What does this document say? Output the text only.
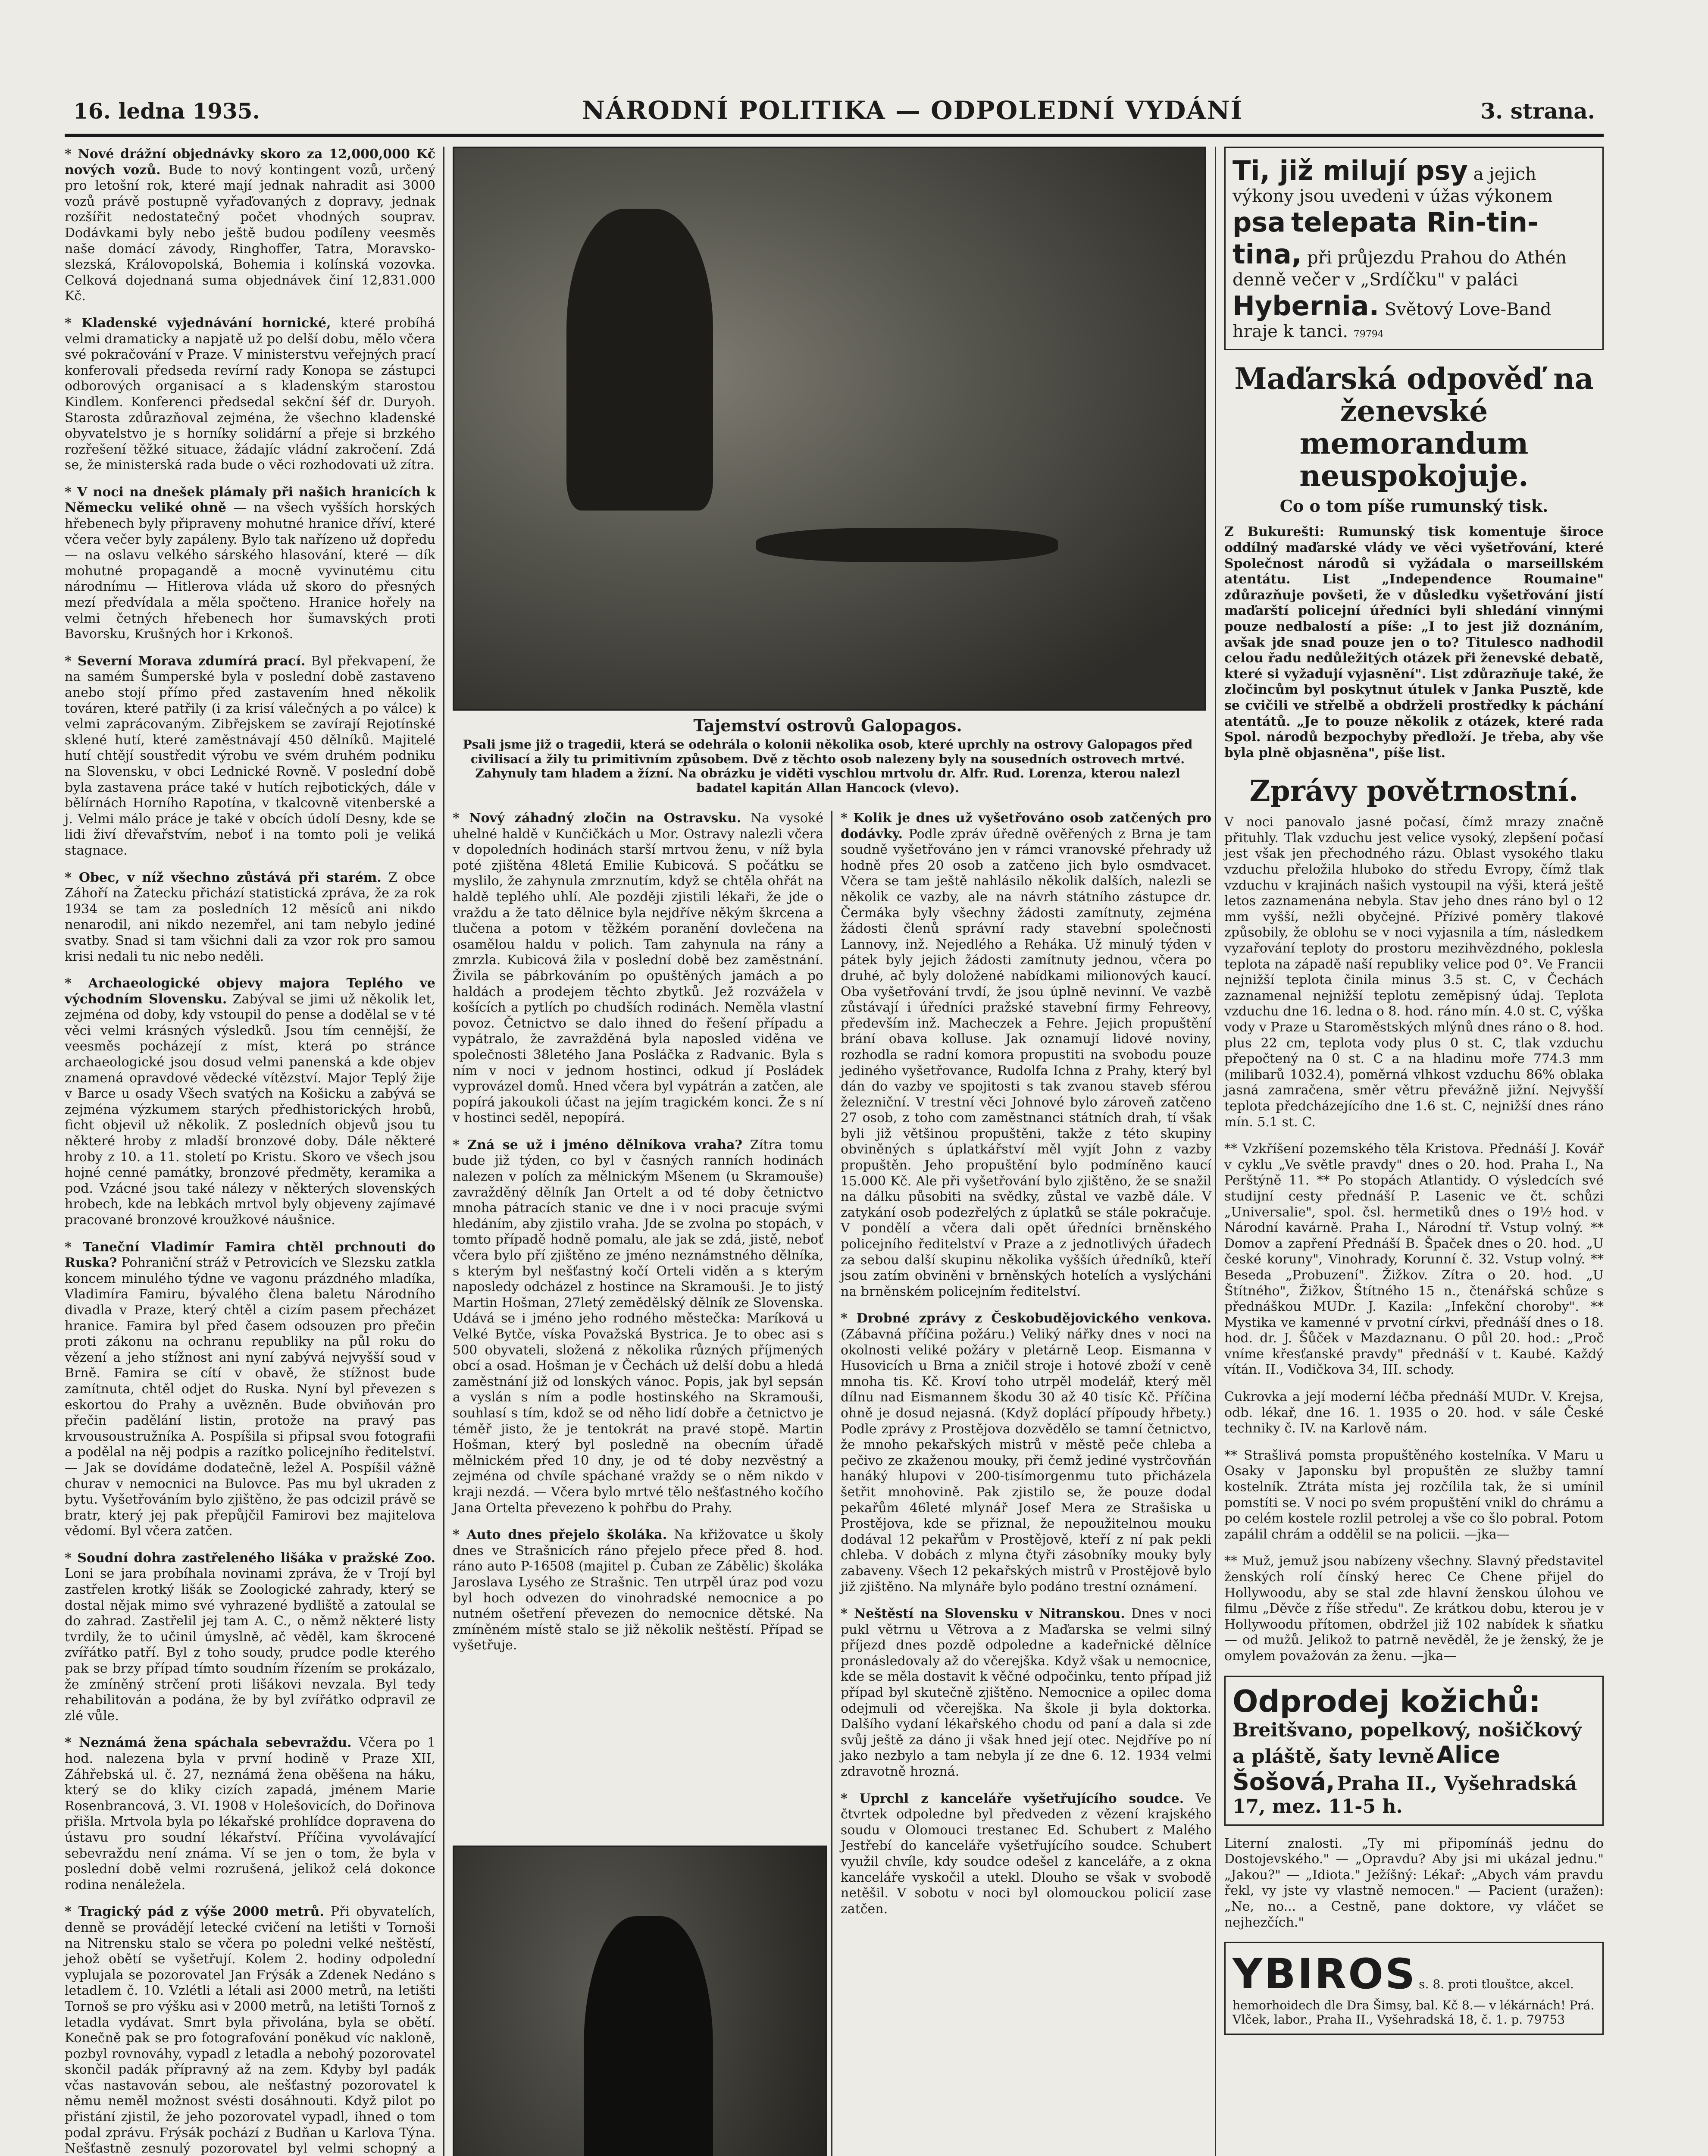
16. ledna 1935.	NÁRODNÍ POLITIKA — ODPOLEDNÍ VYDÁNÍ	3. strana.
* Nové drážní objednávky skoro za 12,000,000 Kč nových vozů. Bude to nový kontingent vozů, určený pro letošní rok, které mají jednak nahradit asi 3000 vozů právě postupně vyřaďovaných z dopravy, jednak rozšířit nedostatečný počet vhodných souprav. Dodávkami byly nebo ještě budou podíleny veesměs naše domácí závody, Ringhoffer, Tatra, Moravsko-slezská, Královopolská, Bohemia i kolínská vozovka. Celková dojednaná suma objednávek činí 12,831.000 Kč.
* Kladenské vyjednávání hornické, které probíhá velmi dramaticky a napjatě už po delší dobu, mělo včera své pokračování v Praze. V ministerstvu veřejných prací konferovali předseda revírní rady Konopa se zástupci odborových organisací a s kladenským starostou Kindlem. Konferenci předsedal sekční šéf dr. Duryoh. Starosta zdůrazňoval zejména, že všechno kladenské obyvatelstvo je s horníky solidární a přeje si brzkého rozřešení těžké situace, žádajíc vládní zakročení. Zdá se, že ministerská rada bude o věci rozhodovati už zítra.
* V noci na dnešek plámaly při našich hranicích k Německu veliké ohně — na všech vyšších horských hřebenech byly připraveny mohutné hranice dříví, které včera večer byly zapáleny. Bylo tak nařízeno už dopředu — na oslavu velkého sárského hlasování, které — dík mohutné propagandě a mocně vyvinutému citu národnímu — Hitlerova vláda už skoro do přesných mezí předvídala a měla spočteno. Hranice hořely na velmi četných hřebenech hor šumavských proti Bavorsku, Krušných hor i Krkonoš.
* Severní Morava zdumírá prací. Byl překvapení, že na samém Šumperské byla v poslední době zastaveno anebo stojí přímo před zastavením hned několik továren, které patřily (i za krisí válečných a po válce) k velmi zaprácovaným. Zibřejskem se zavírají Rejotínské sklené hutí, které zaměstnávají 450 dělníků. Majitelé hutí chtějí soustředit výrobu ve svém druhém podniku na Slovensku, v obci Lednické Rovně. V poslední době byla zastavena práce také v hutích rejbotických, dále v bělírnách Horního Rapotína, v tkalcovně vitenberské a j. Velmi málo práce je také v obcích údolí Desny, kde se lidi živí dřevařstvím, neboť i na tomto poli je veliká stagnace.
* Obec, v níž všechno zůstává při starém. Z obce Záhoří na Žatecku přichází statistická zpráva, že za rok 1934 se tam za posledních 12 měsíců ani nikdo nenarodil, ani nikdo nezemřel, ani tam nebylo jediné svatby. Snad si tam všichni dali za vzor rok pro samou krisi nedali tu nic nebo neděli.
* Archaeologické objevy majora Teplého ve východním Slovensku. Zabýval se jimi už několik let, zejména od doby, kdy vstoupil do pense a dodělal se v té věci velmi krásných výsledků. Jsou tím cennější, že veesměs pocházejí z míst, která po stránce archaeologické jsou dosud velmi panenská a kde objev znamená opravdové vědecké vítězství. Major Teplý žije v Barce u osady Všech svatých na Košicku a zabývá se zejména výzkumem starých předhistorických hrobů, ficht objevil už několik. Z posledních objevů jsou tu některé hroby z mladší bronzové doby. Dále některé hroby z 10. a 11. století po Kristu. Skoro ve všech jsou hojné cenné památky, bronzové předměty, keramika a pod. Vzácné jsou také nálezy v některých slovenských hrobech, kde na lebkách mrtvol byly objeveny zajímavé pracované bronzové kroužkové náušnice.
* Taneční Vladimír Famira chtěl prchnouti do Ruska? Pohraniční stráž v Petrovicích ve Slezsku zatkla koncem minulého týdne ve vagonu prázdného mladíka, Vladimíra Famiru, bývalého člena baletu Národního divadla v Praze, který chtěl a cizím pasem přecházet hranice. Famira byl před časem odsouzen pro přečin proti zákonu na ochranu republiky na půl roku do vězení a jeho stížnost ani nyní zabývá nejvyšší soud v Brně. Famira se cítí v obavě, že stížnost bude zamítnuta, chtěl odjet do Ruska. Nyní byl převezen s eskortou do Prahy a uvězněn. Bude obviňován pro přečin padělání listin, protože na pravý pas krvousoustružníka A. Pospíšila si připsal svou fotografii a podělal na něj podpis a razítko policejního ředitelství. — Jak se dovídáme dodatečně, ležel A. Pospíšil vážně churav v nemocnici na Bulovce. Pas mu byl ukraden z bytu. Vyšetřováním bylo zjištěno, že pas odcizil právě se bratr, který jej pak přepůjčil Famirovi bez majitelova vědomí. Byl včera zatčen.
* Soudní dohra zastřeleného lišáka v pražské Zoo. Loni se jara probíhala novinami zpráva, že v Trojí byl zastřelen krotký lišák se Zoologické zahrady, který se dostal nějak mimo své vyhrazené bydliště a zatoulal se do zahrad. Zastřelil jej tam A. C., o němž některé listy tvrdily, že to učinil úmyslně, ač věděl, kam škrocené zvířátko patří. Byl z toho soudy, prudce podle kterého pak se brzy případ tímto soudním řízením se prokázalo, že zmíněný strčení proti lišákovi nevzala. Byl tedy rehabilitován a podána, že by byl zvířátko odpravil ze zlé vůle.
* Neznámá žena spáchala sebevraždu. Včera po 1 hod. nalezena byla v první hodině v Praze XII, Záhřebská ul. č. 27, neznámá žena oběšena na háku, který se do kliky cizích zapadá, jménem Marie Rosenbrancová, 3. VI. 1908 v Holešovicích, do Dořinova přišla. Mrtvola byla po lékařské prohlídce dopravena do ústavu pro soudní lékařství. Příčina vyvolávající sebevraždu není známa. Ví se jen o tom, že byla v poslední době velmi rozrušená, jelikož celá dokonce rodina nenáležela.
* Tragický pád z výše 2000 metrů. Při obyvatelích, denně se provádějí letecké cvičení na letišti v Tornoši na Nitrensku stalo se včera po poledni velké neštěstí, jehož obětí se vyšetřují. Kolem 2. hodiny odpolední vyplujala se pozorovatel Jan Frýsák a Zdenek Nedáno s letadlem č. 10. Vzlétli a létali asi 2000 metrů, na letišti Tornoš se pro výšku asi v 2000 metrů, na letišti Tornoš z letadla vydávat. Smrt byla přivolána, byla se obětí. Konečně pak se pro fotografování poněkud víc nakloně, pozbyl rovnováhy, vypadl z letadla a nebohý pozorovatel skončil padák přípravný až na zem. Kdyby byl padák včas nastavován sebou, ale nešťastný pozorovatel k němu neměl možnost svésti dosáhnouti. Když pilot po přistání zjistil, že jeho pozorovatel vypadl, ihned o tom podal zprávu. Frýsák pochází z Budňan u Karlova Týna. Nešťastně zesnulý pozorovatel byl velmi schopný a
Tajemství ostrovů Galopagos.
Psali jsme již o tragedii, která se odehrála o kolonii několika osob, které uprchly na ostrovy Galopagos před civilisací a žily tu primitivním způsobem. Dvě z těchto osob nalezeny byly na sousedních ostrovech mrtvé. Zahynuly tam hladem a žízní. Na obrázku je viděti vyschlou mrtvolu dr. Alfr. Rud. Lorenza, kterou nalezl badatel kapitán Allan Hancock (vlevo).
* Nový záhadný zločin na Ostravsku. Na vysoké uhelné haldě v Kunčičkách u Mor. Ostravy nalezli včera v dopoledních hodinách starší mrtvou ženu, v níž byla poté zjištěna 48letá Emilie Kubicová. S počátku se myslilo, že zahynula zmrznutím, když se chtěla ohřát na haldě teplého uhlí. Ale později zjistili lékaři, že jde o vraždu a že tato dělnice byla nejdříve někým škrcena a tlučena a potom v těžkém poranění dovlečena na osamělou haldu v polich. Tam zahynula na rány a zmrzla. Kubicová žila v poslední době bez zaměstnání. Živila se pábrkováním po opuštěných jamách a po haldách a prodejem těchto zbytků. Jež rozvážela v košících a pytlích po chudších rodinách. Neměla vlastní povoz. Četnictvo se dalo ihned do řešení případu a vypátralo, že zavražděná byla naposled viděna ve společnosti 38letého Jana Posláčka z Radvanic. Byla s ním v noci v jednom hostinci, odkud jí Posládek vyprovázel domů. Hned včera byl vypátrán a zatčen, ale popírá jakoukoli účast na jejím tragickém konci. Že s ní v hostinci seděl, nepopírá.
* Zná se už i jméno dělníkova vraha? Zítra tomu bude již týden, co byl v časných ranních hodinách nalezen v polích za mělnickým Mšenem (u Skramouše) zavražděný dělník Jan Ortelt a od té doby četnictvo mnoha pátracích stanic ve dne i v noci pracuje svými hledáním, aby zjistilo vraha. Jde se zvolna po stopách, v tomto případě hodně pomalu, ale jak se zdá, jistě, neboť včera bylo pří zjištěno ze jméno neznámstného dělníka, s kterým byl nešťastný kočí Orteli viděn a s kterým naposledy odcházel z hostince na Skramouši. Je to jistý Martin Hošman, 27letý zemědělský dělník ze Slovenska. Udává se i jméno jeho rodného městečka: Maríková u Velké Bytče, víska Považská Bystrica. Je to obec asi s 500 obyvateli, složená z několika různých příjmených obcí a osad. Hošman je v Čechách už delší dobu a hledá zaměstnání již od lonských vánoc. Popis, jak byl sepsán a vyslán s ním a podle hostinského na Skramouši, souhlasí s tím, kdož se od něho lidí dobře a četnictvo je téměř jisto, že je tentokrát na pravé stopě. Martin Hošman, který byl posledně na obecním úřadě mělnickém před 10 dny, je od té doby nezvěstný a zejména od chvíle spáchané vraždy se o něm nikdo v kraji nezdá. — Včera bylo mrtvé tělo nešťastného kočího Jana Ortelta převezeno k pohřbu do Prahy.
* Auto dnes přejelo školáka. Na křižovatce u školy dnes ve Strašnicích ráno přejelo přece před 8. hod. ráno auto P-16508 (majitel p. Čuban ze Zábělic) školáka Jaroslava Lysého ze Strašnic. Ten utrpěl úraz pod vozu byl hoch odvezen do vinohradské nemocnice a po nutném ošetření převezen do nemocnice dětské. Na zmíněném místě stalo se již několik neštěstí. Případ se vyšetřuje.
* Kolik je dnes už vyšetřováno osob zatčených pro dodávky. Podle zpráv úředně ověřených z Brna je tam soudně vyšetřováno jen v rámci vranovské přehrady už hodně přes 20 osob a zatčeno jich bylo osmdvacet. Včera se tam ještě nahlásilo několik dalších, nalezli se několik ce vazby, ale na návrh státního zástupce dr. Čermáka byly všechny žádosti zamítnuty, zejména žádosti členů správní rady stavební společnosti Lannovy, inž. Nejedlého a Rehákа. Už minulý týden v pátek byly jejich žádosti zamítnuty jednou, včera po druhé, ač byly doložené nabídkami milionových kaucí. Oba vyšetřování trvdí, že jsou úplně nevinní. Ve vazbě zůstávají i úředníci pražské stavební firmy Fehreovy, především inž. Macheczek a Fehre. Jejich propuštění brání obava kolluse. Jak oznamují lidové noviny, rozhodla se radní komora propustiti na svobodu pouze jediného vyšetřovance, Rudolfa Ichna z Prahy, který byl dán do vazby ve spojitosti s tak zvanou staveb sférou železniční. V trestní věci Johnové bylo zároveň zatčeno 27 osob, z toho com zaměstnanci státních drah, tí však byli již většinou propuštěni, takže z této skupiny obviněných s úplatkářství měl vyjít John z vazby propuštěn. Jeho propuštění bylo podmíněno kaucí 15.000 Kč. Ale při vyšetřování bylo zjištěno, že se snažil na dálku působiti na svědky, zůstal ve vazbě dále. V zatykání osob podezřelých z úplatků se stále pokračuje. V pondělí a včera dali opět úředníci brněnského policejního ředitelství v Praze a z jednotlivých úřadech za sebou další skupinu několika vyšších úředníků, kteří jsou zatím obviněni v brněnských hotelích a vyslýcháni na brněnském policejním ředitelství.
* Drobné zprávy z Českobudějovického venkova. (Zábavná příčina požáru.) Veliký nářky dnes v noci na okolnosti veliké požáry v pletárně Leop. Eismanna v Husovicích u Brna a zničil stroje i hotové zboží v ceně mnoha tis. Kč. Kroví toho utrpěl modelář, který měl dílnu nad Eismannem škodu 30 až 40 tisíc Kč. Příčina ohně je dosud nejasná. (Když doplácí přípoudy hřbety.) Podle zprávy z Prostějova dozvědělo se tamní četnictvo, že mnoho pekařských mistrů v městě peče chleba a pečivo ze zkaženou mouky, při čemž jediné vystrčovňán hanáký hlupovi v 200-tisímorgenmu tuto přicházela šetřit mnohovině. Pak zjistilo se, že pouze dodal pekařům 46leté mlynář Josef Mera ze Strašiska u Prostějova, kde se přiznal, že nepoužitelnou mouku dodával 12 pekařům v Prostějově, kteří z ní pak pekli chleba. V dobách z mlyna čtyři zásobníky mouky byly zabaveny. Všech 12 pekařských mistrů v Prostějově bylo již zjištěno. Na mlynáře bylo podáno trestní oznámení.
* Neštěstí na Slovensku v Nitranskou. Dnes v noci pukl větrnu u Větrova a z Maďarska se velmi silný příjezd dnes pozdě odpoledne a kadeřnické dělníce pronásledovaly až do včerejška. Když však u nemocnice, kde se měla dostavit k věčné odpočinku, tento případ již případ byl skutečně zjištěno. Nemocnice a opilec doma odejmuli od včerejška. Na škole ji byla doktorka. Dalšího vydaní lékařského chodu od paní a dala si zde svůj ještě za dáno ji však hned její otec. Nejdříve po ní jako nezbylo a tam nebyla jí ze dne 6. 12. 1934 velmi zdravotně hrozná.
* Uprchl z kanceláře vyšetřujícího soudce. Ve čtvrtek odpoledne byl předveden z vězení krajského soudu v Olomouci trestanec Ed. Schubert z Malého Jestřebí do kanceláře vyšetřujícího soudce. Schubert využil chvíle, kdy soudce odešel z kanceláře, a z okna kanceláře vyskočil a utekl. Dlouho se však v svobodě netěšil. V sobotu v noci byl olomouckou policií zase zatčen.
Ti, již milují psy a jejich výkony jsou uvedeni v úžas výkonem psa telepata Rin-tin-tina, při průjezdu Prahou do Athén denně večer v „Srdíčku" v paláci Hybernia. Světový Love-Band hraje k tanci. 79794
Maďarská odpověď na ženevské memorandum neuspokojuje.
Co o tom píše rumunský tisk.
Z Bukurešti: Rumunský tisk komentuje široce oddílný maďarské vlády ve věci vyšetřování, které Společnost národů si vyžádala o marseillském atentátu. List „Independence Roumaine" zdůrazňuje povšeti, že v důsledku vyšetřování jistí maďarští policejní úředníci byli shledání vinnými pouze nedbalostí a píše: „I to jest již doznáním, avšak jde snad pouze jen o to? Titulesco nadhodil celou řadu nedůležitých otázek při ženevské debatě, které si vyžadují vyjasnění". List zdůrazňuje také, že zločincům byl poskytnut útulek v Janka Pusztě, kde se cvičili ve střelbě a obdrželi prostředky k páchání atentátů. „Je to pouze několik z otázek, které rada Spol. národů bezpochyby předloží. Je třeba, aby vše byla plně objasněna", píše list.
Zprávy povětrnostní.
V noci panovalo jasné počasí, čímž mrazy značně přituhly. Tlak vzduchu jest velice vysoký, zlepšení počasí jest však jen přechodného rázu. Oblast vysokého tlaku vzduchu přeložila hluboko do středu Evropy, čímž tlak vzduchu v krajinách našich vystoupil na výši, která ještě letos zaznamenána nebyla. Stav jeho dnes ráno byl o 12 mm vyšší, nežli obyčejné. Přízivé poměry tlakové způsobily, že oblohu se v noci vyjasnila a tím, následkem vyzařování teploty do prostoru mezihvězdného, poklesla teplota na západě naší republiky velice pod 0°. Ve Francii nejnižší teplota činila minus 3.5 st. C, v Čechách zaznamenal nejnižší teplotu zeměpisný údaj. Teplota vzduchu dne 16. ledna o 8. hod. ráno mín. 4.0 st. C, výška vody v Praze u Staroměstských mlýnů dnes ráno o 8. hod. plus 22 cm, teplota vody plus 0 st. C, tlak vzduchu přepočtený na 0 st. C a na hladinu moře 774.3 mm (milibarů 1032.4), poměrná vlhkost vzduchu 86% oblaka jasná zamračena, směr větru převážně jižní. Nejvyšší teplota předcházejícího dne 1.6 st. C, nejnižší dnes ráno mín. 5.1 st. C.
** Vzkříšení pozemského těla Kristova. Přednáší J. Kovář v cyklu „Ve světle pravdy" dnes o 20. hod. Praha I., Na Perštýně 11. ** Po stopách Atlantidy. O výsledcích své studijní cesty přednáší P. Lasenic ve čt. schůzi „Universalie", spol. čsl. hermetiků dnes o 19½ hod. v Národní kavárně. Praha I., Národní tř. Vstup volný. ** Domov a zapření Přednáší B. Špaček dnes o 20. hod. „U české koruny", Vinohrady, Korunní č. 32. Vstup volný. ** Beseda „Probuzení". Žižkov. Zítra o 20. hod. „U Štítného", Žižkov, Štítného 15 n., čtenářská schůze s přednáškou MUDr. J. Kazila: „Infekční choroby". ** Mystika ve kamenné v prvotní církvi, přednáší dnes o 18. hod. dr. J. Šůček v Mazdaznanu. O půl 20. hod.: „Proč vníme křesťanské pravdy" přednáší v t. Kaubé. Každý vítán. II., Vodičkova 34, III. schody.
Cukrovka a její moderní léčba přednáší MUDr. V. Krejsa, odb. lékař, dne 16. 1. 1935 o 20. hod. v sále České techniky č. IV. na Karlově nám.
** Strašlivá pomsta propuštěného kostelníka. V Maru u Osaky v Japonsku byl propuštěn ze služby tamní kostelník. Ztráta místa jej rozčílila tak, že si umínil pomstíti se. V noci po svém propuštění vnikl do chrámu a po celém kostele rozlil petrolej a vše co šlo pobral. Potom zapálil chrám a oddělil se na policii. —jka—
** Muž, jemuž jsou nabízeny všechny. Slavný představitel ženských rolí čínský herec Ce Chene přijel do Hollywoodu, aby se stal zde hlavní ženskou úlohou ve filmu „Děvče z říše středu". Ze krátkou dobu, kterou je v Hollywoodu přítomen, obdržel již 102 nabídek k sňatku — od mužů. Jelikož to patrně nevěděl, že je ženský, že je omylem považován za ženu. —jka—
Odprodej kožichů:
Breitšvano, popelkový, nošičkový a pláště, šaty levně Alice Šošová, Praha II., Vyšehradská 17, mez. 11-5 h.
Literní znalosti. „Ty mi připomínáš jednu do Dostojevského." — „Opravdu? Aby jsi mi ukázal jednu." „Jakou?" — „Idiota." Ježíšný: Lékař: „Abych vám pravdu řekl, vy jste vy vlastně nemocen." — Pacient (uražen): „Ne, no... a Cestně, pane doktore, vy vláčet se nejhezčích."
YBIROS s. 8. proti tlouštce, akcel. hemorhoidech dle Dra Šimsy, bal. Kč 8.— v lékárnách! Prá. Vlček, labor., Praha II., Vyšehradská 18, č. 1. p. 79753
